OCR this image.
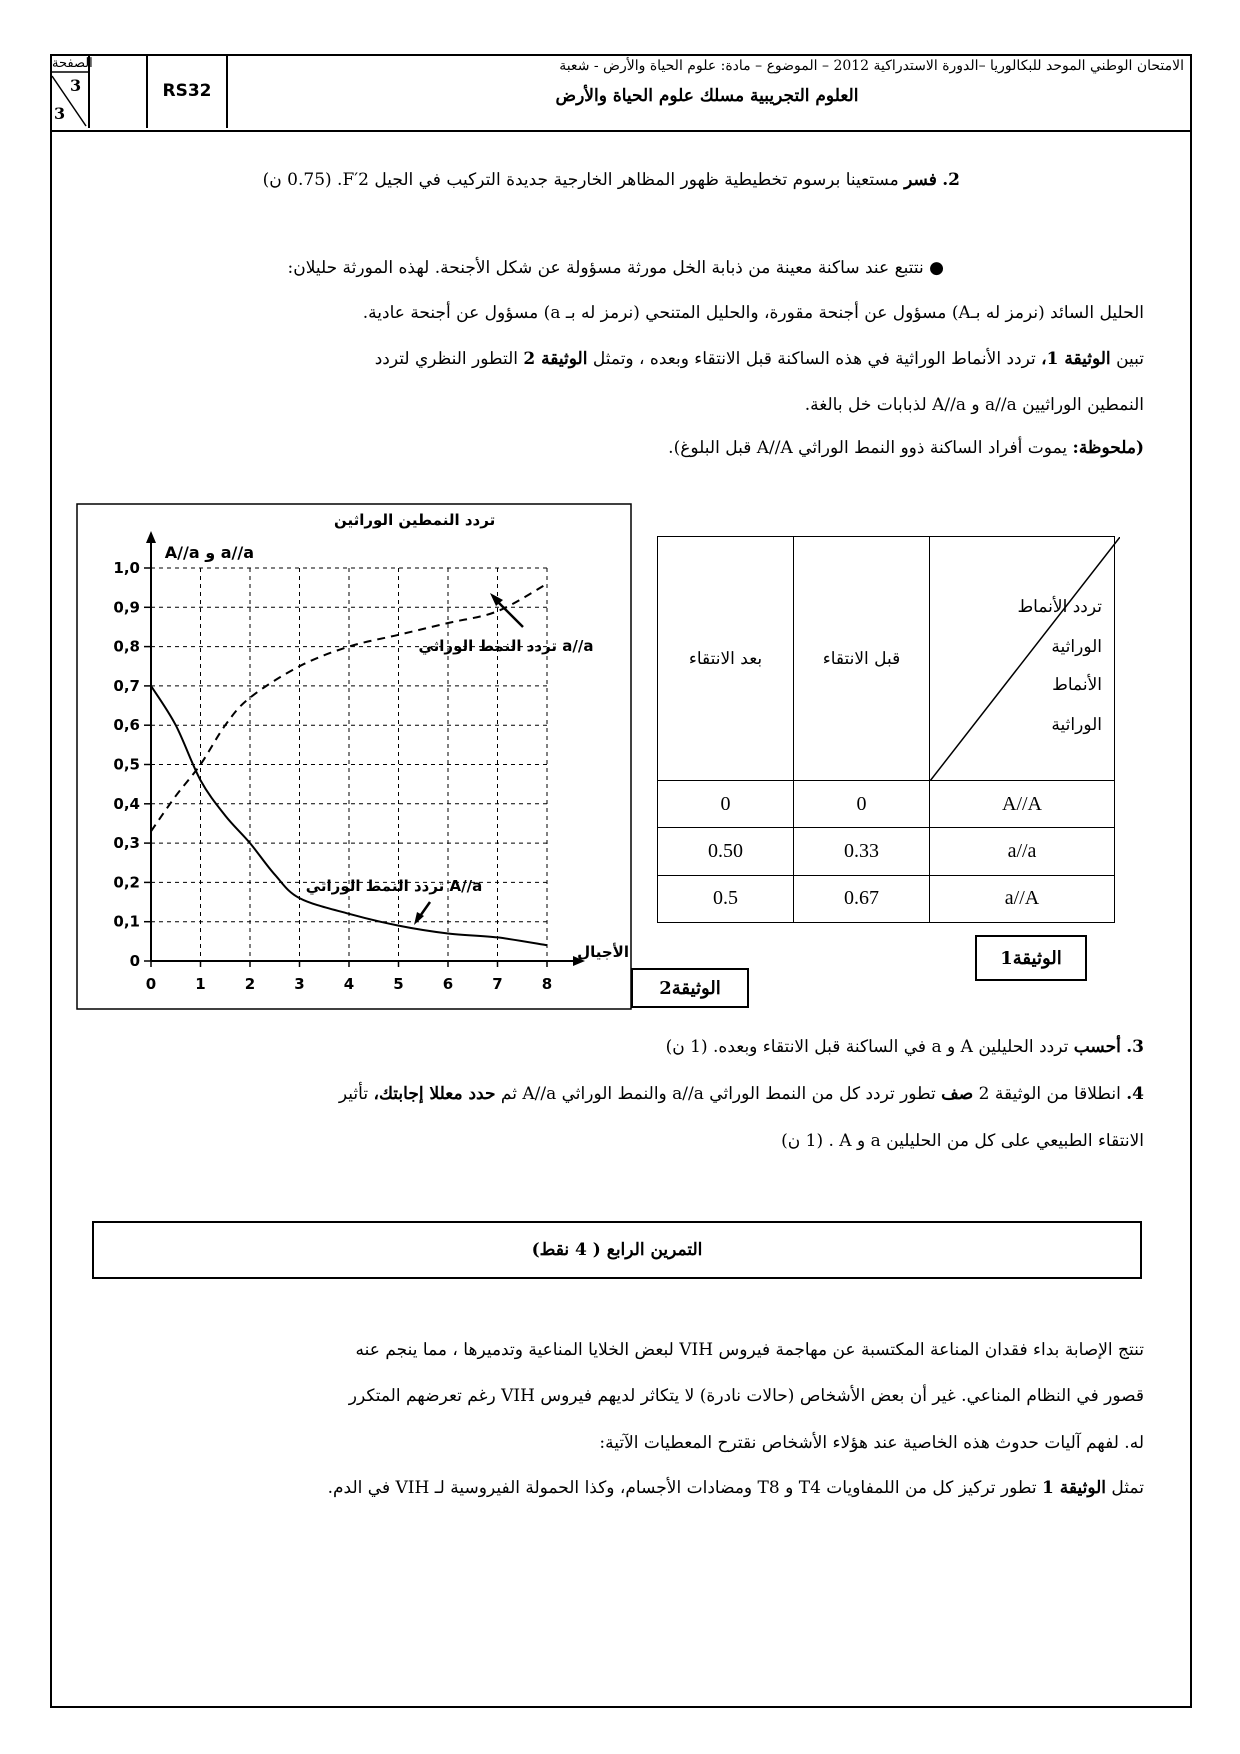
الصفحة
3
3
RS32
الامتحان الوطني الموحد للبكالوريا –الدورة الاستدراكية 2012 – الموضوع – مادة: علوم الحياة والأرض - شعبة
العلوم التجريبية مسلك علوم الحياة والأرض
2. فسر مستعينا برسوم تخطيطية ظهور المظاهر الخارجية جديدة التركيب في الجيل F′2. (0.75 ن)
● نتتبع عند ساكنة معينة من ذبابة الخل مورثة مسؤولة عن شكل الأجنحة. لهذه المورثة حليلان:
الحليل السائد (نرمز له بـA) مسؤول عن أجنحة مقورة، والحليل المتنحي (نرمز له بـ a) مسؤول عن أجنحة عادية.
تبين الوثيقة 1، تردد الأنماط الوراثية في هذه الساكنة قبل الانتقاء وبعده ، وتمثل الوثيقة 2 التطور النظري لتردد
النمطين الوراثيين a//a و A//a لذبابات خل بالغة.
(ملحوظة: يموت أفراد الساكنة ذوو النمط الوراثي A//A قبل البلوغ).
بعد الانتقاء	قبل الانتقاء	تردد الأنماط
الوراثية
الأنماط
الوراثية

0	0	A//A
0.50	0.33	a//a
0.5	0.67	a//A
الوثيقة1
0	1	2	3	4	5	6	7	8
0
0,1
0,2
0,3
0,4
0,5
0,6
0,7
0,8
0,9
1,0
تردد النمطين الوراثين
A//a و a//a
الأجيال
تردد النمط الوراثي a//a
تردد النمط الوراثي A//a
الوثيقة2
3. أحسب تردد الحليلين A و a في الساكنة قبل الانتقاء وبعده. (1 ن)
4. انطلاقا من الوثيقة 2 صف تطور تردد كل من النمط الوراثي a//a والنمط الوراثي A//a ثم حدد معللا إجابتك، تأثير
الانتقاء الطبيعي على كل من الحليلين a و A . (1 ن)
التمرين الرابع ( 4 نقط)
تنتج الإصابة بداء فقدان المناعة المكتسبة عن مهاجمة فيروس VIH لبعض الخلايا المناعية وتدميرها ، مما ينجم عنه
قصور في النظام المناعي. غير أن بعض الأشخاص (حالات نادرة) لا يتكاثر لديهم فيروس VIH رغم تعرضهم المتكرر
له. لفهم آليات حدوث هذه الخاصية عند هؤلاء الأشخاص نقترح المعطيات الآتية:
تمثل الوثيقة 1 تطور تركيز كل من اللمفاويات T4 و T8 ومضادات الأجسام، وكذا الحمولة الفيروسية لـ VIH في الدم.
